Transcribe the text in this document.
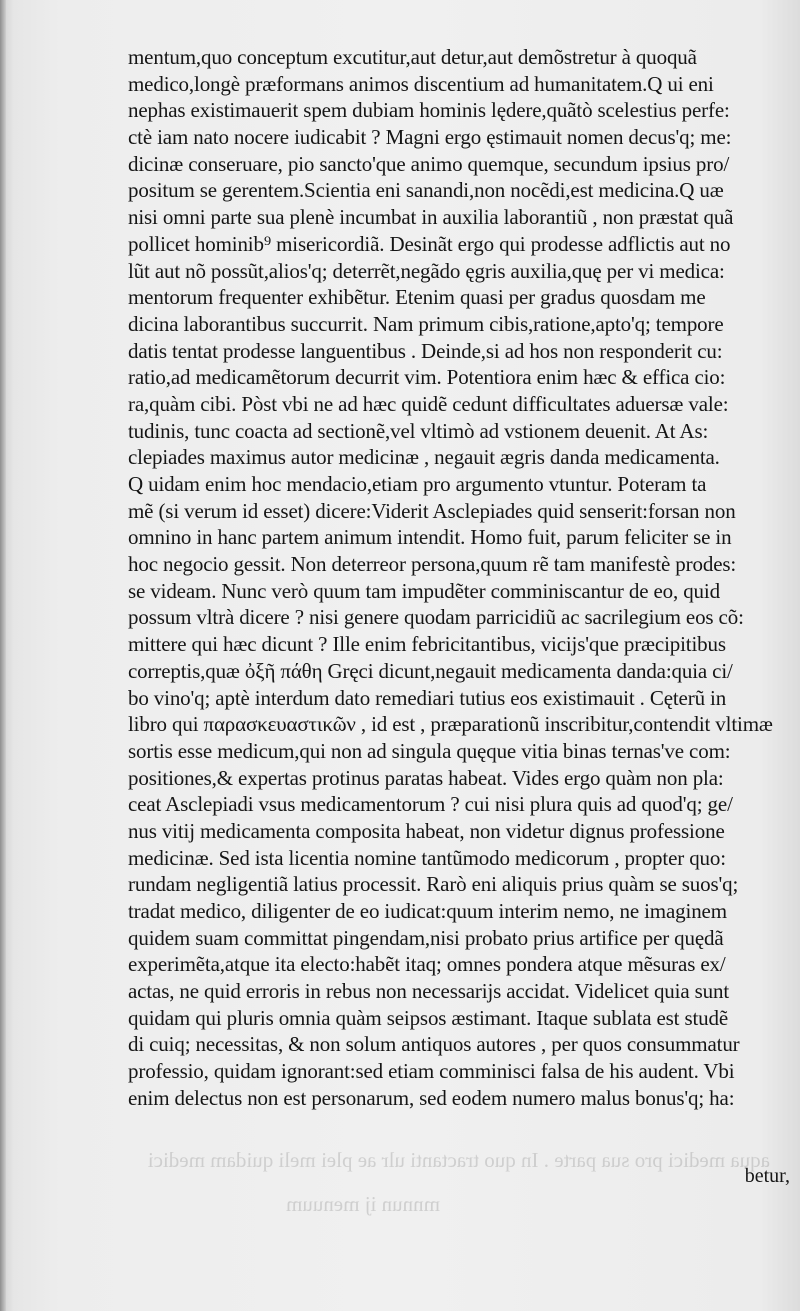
aqua medici pro sua parte . In quo tractanti ulr ae plei meli quidam medici
mnnun ij menuum
mentum,quo conceptum excutitur,aut detur,aut demõstretur à quoquã
medico,longè præformans animos discentium ad humanitatem.Q ui eni
nephas existimauerit spem dubiam hominis lędere,quãtò scelestius perfe:
ctè iam nato nocere iudicabit ? Magni ergo ęstimauit nomen decus'q; me:
dicinæ conseruare, pio sancto'que animo quemque, secundum ipsius pro/
positum se gerentem.Scientia eni sanandi,non nocẽdi,est medicina.Q uæ
nisi omni parte sua plenè incumbat in auxilia laborantiũ , non præstat quã
pollicet hominib⁹ misericordiã. Desinãt ergo qui prodesse adflictis aut no
lũt aut nõ possũt,alios'q; deterrẽt,negãdo ęgris auxilia,quę per vi medica:
mentorum frequenter exhibẽtur. Etenim quasi per gradus quosdam me
dicina laborantibus succurrit. Nam primum cibis,ratione,apto'q; tempore
datis tentat prodesse languentibus . Deinde,si ad hos non responderit cu:
ratio,ad medicamẽtorum decurrit vim. Potentiora enim hæc & effica cio:
ra,quàm cibi. Pòst vbi ne ad hæc quidẽ cedunt difficultates aduersæ vale:
tudinis, tunc coacta ad sectionẽ,vel vltimò ad vstionem deuenit. At As:
clepiades maximus autor medicinæ , negauit ægris danda medicamenta.
Q uidam enim hoc mendacio,etiam pro argumento vtuntur. Poteram ta
mẽ (si verum id esset) dicere:Viderit Asclepiades quid senserit:forsan non
omnino in hanc partem animum intendit. Homo fuit, parum feliciter se in
hoc negocio gessit. Non deterreor persona,quum rẽ tam manifestè prodes:
se videam. Nunc verò quum tam impudẽter comminiscantur de eo, quid
possum vltrà dicere ? nisi genere quodam parricidiũ ac sacrilegium eos cõ:
mittere qui hæc dicunt ? Ille enim febricitantibus, vicijs'que præcipitibus
correptis,quæ ὀξῆ πάθη Gręci dicunt,negauit medicamenta danda:quia ci/
bo vino'q; aptè interdum dato remediari tutius eos existimauit . Cęterũ in
libro qui παρασκευαστικῶν , id est , præparationũ inscribitur,contendit vltimæ
sortis esse medicum,qui non ad singula quęque vitia binas ternas've com:
positiones,& expertas protinus paratas habeat. Vides ergo quàm non pla:
ceat Asclepiadi vsus medicamentorum ? cui nisi plura quis ad quod'q; ge/
nus vitij medicamenta composita habeat, non videtur dignus professione
medicinæ. Sed ista licentia nomine tantũmodo medicorum , propter quo:
rundam negligentiã latius processit. Rarò eni aliquis prius quàm se suos'q;
tradat medico, diligenter de eo iudicat:quum interim nemo, ne imaginem
quidem suam committat pingendam,nisi probato prius artifice per quędã
experimẽta,atque ita electo:habẽt itaq; omnes pondera atque mẽsuras ex/
actas, ne quid erroris in rebus non necessarijs accidat. Videlicet quia sunt
quidam qui pluris omnia quàm seipsos æstimant. Itaque sublata est studẽ
di cuiq; necessitas, & non solum antiquos autores , per quos consummatur
professio, quidam ignorant:sed etiam comminisci falsa de his audent. Vbi
enim delectus non est personarum, sed eodem numero malus bonus'q; ha:
betur,
